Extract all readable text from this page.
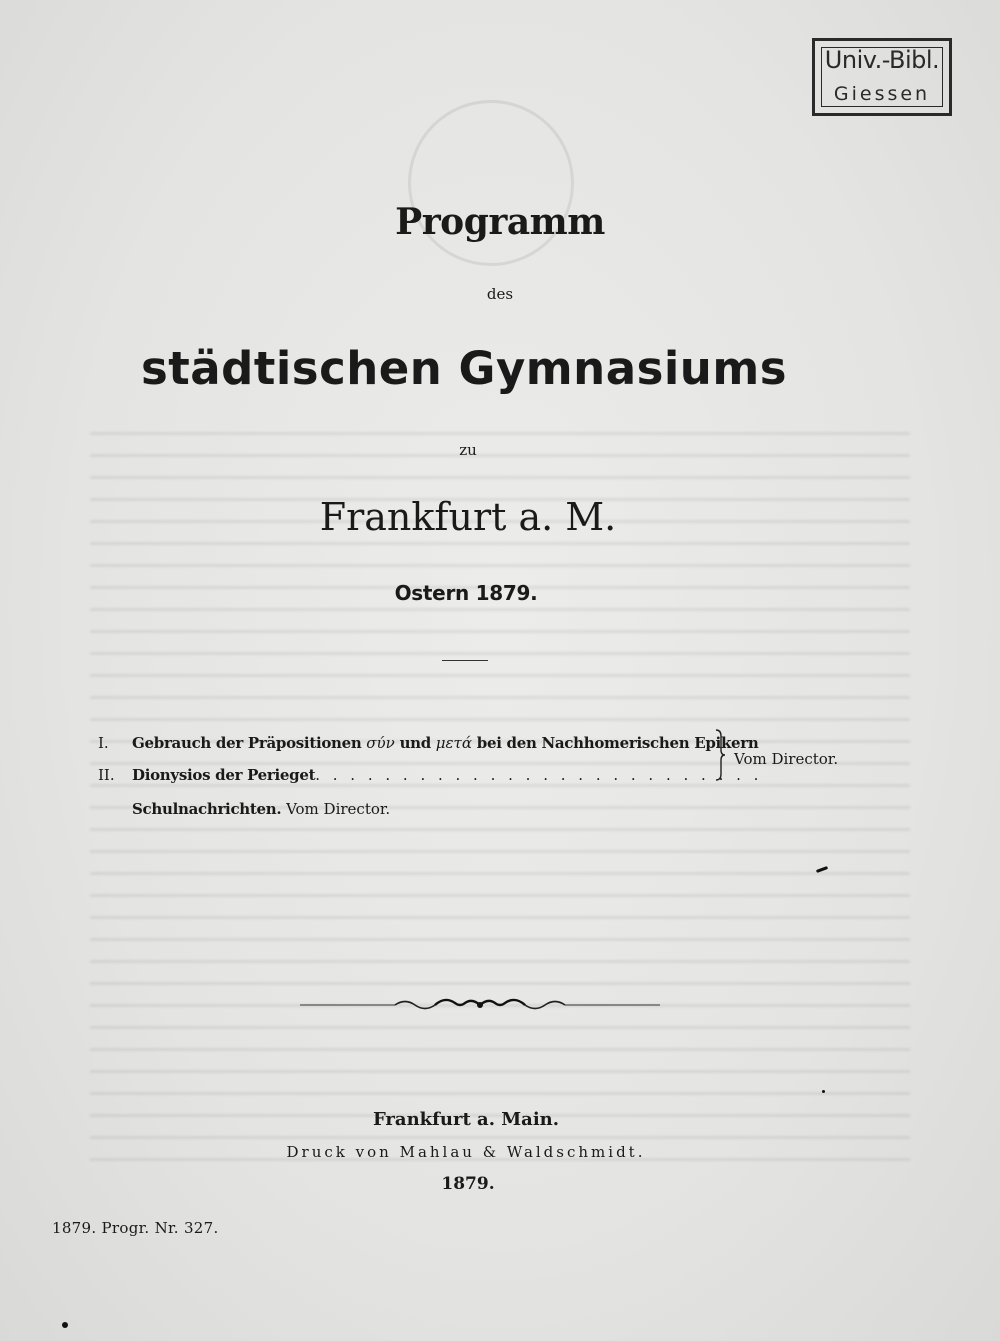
Univ.-Bibl.
Giessen
Programm
des
städtischen Gymnasiums
zu
Frankfurt a. M.
Ostern 1879.
I. Gebrauch der Präpositionen σύν und μετά bei den Nachhomerischen Epikern
II. Dionysios der Perieget. . . . . . . . . . . . . . . . . . . . . . . . . .
Vom Director.
Schulnachrichten. Vom Director.
Frankfurt a. Main.
Druck von Mahlau & Waldschmidt.
1879.
1879. Progr. Nr. 327.
